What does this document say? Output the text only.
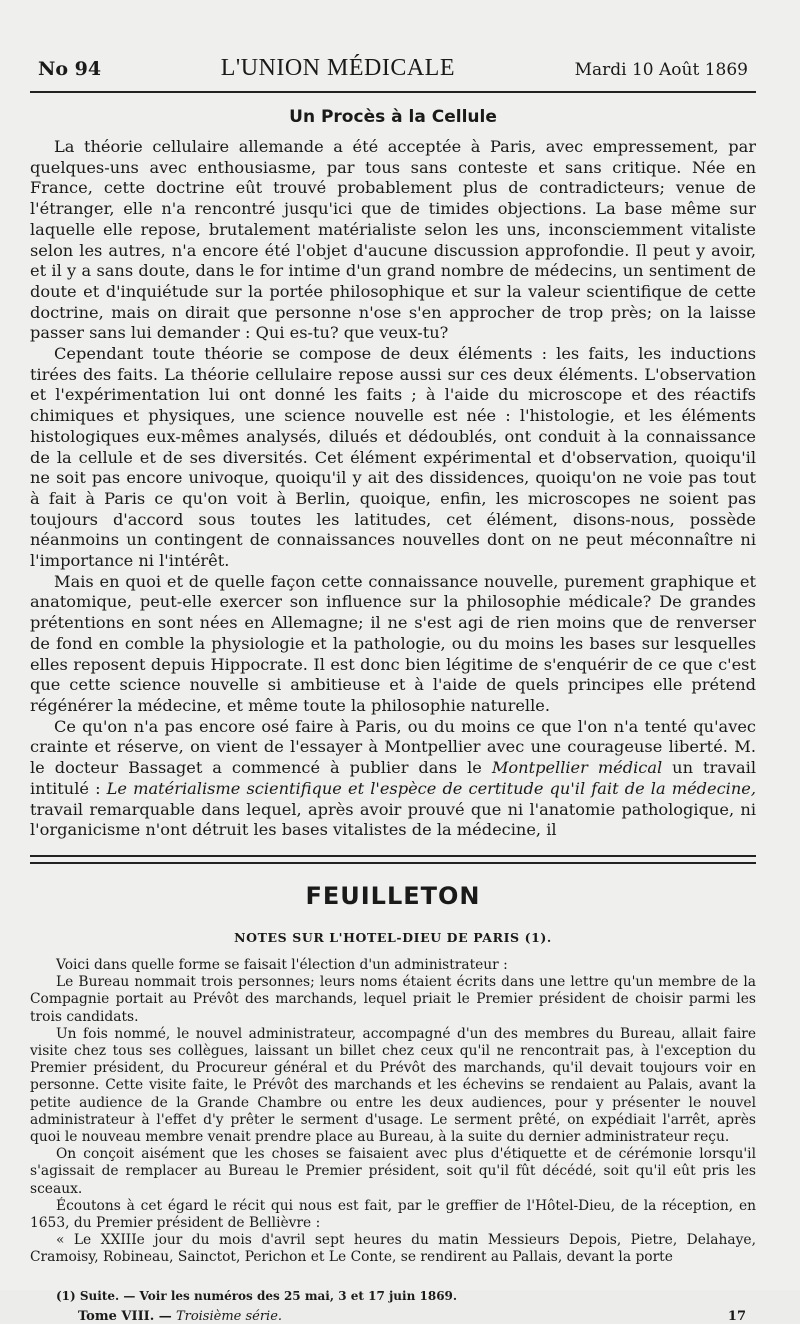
No 94	L'UNION MÉDICALE	Mardi 10 Août 1869
Un Procès à la Cellule

La théorie cellulaire allemande a été acceptée à Paris, avec empressement, par quelques-uns avec enthousiasme, par tous sans conteste et sans critique. Née en France, cette doctrine eût trouvé probablement plus de contradicteurs; venue de l'étranger, elle n'a rencontré jusqu'ici que de timides objections. La base même sur laquelle elle repose, brutalement matérialiste selon les uns, inconsciemment vitaliste selon les autres, n'a encore été l'objet d'aucune discussion approfondie. Il peut y avoir, et il y a sans doute, dans le for intime d'un grand nombre de médecins, un sentiment de doute et d'inquiétude sur la portée philosophique et sur la valeur scientifique de cette doctrine, mais on dirait que personne n'ose s'en approcher de trop près; on la laisse passer sans lui demander : Qui es-tu? que veux-tu?

Cependant toute théorie se compose de deux éléments : les faits, les inductions tirées des faits. La théorie cellulaire repose aussi sur ces deux éléments. L'observation et l'expérimentation lui ont donné les faits ; à l'aide du microscope et des réactifs chimiques et physiques, une science nouvelle est née : l'histologie, et les éléments histologiques eux-mêmes analysés, dilués et dédoublés, ont conduit à la connaissance de la cellule et de ses diversités. Cet élément expérimental et d'observation, quoiqu'il ne soit pas encore univoque, quoiqu'il y ait des dissidences, quoiqu'on ne voie pas tout à fait à Paris ce qu'on voit à Berlin, quoique, enfin, les microscopes ne soient pas toujours d'accord sous toutes les latitudes, cet élément, disons-nous, possède néanmoins un contingent de connaissances nouvelles dont on ne peut méconnaître ni l'importance ni l'intérêt.

Mais en quoi et de quelle façon cette connaissance nouvelle, purement graphique et anatomique, peut-elle exercer son influence sur la philosophie médicale? De grandes prétentions en sont nées en Allemagne; il ne s'est agi de rien moins que de renverser de fond en comble la physiologie et la pathologie, ou du moins les bases sur lesquelles elles reposent depuis Hippocrate. Il est donc bien légitime de s'enquérir de ce que c'est que cette science nouvelle si ambitieuse et à l'aide de quels principes elle prétend régénérer la médecine, et même toute la philosophie naturelle.

Ce qu'on n'a pas encore osé faire à Paris, ou du moins ce que l'on n'a tenté qu'avec crainte et réserve, on vient de l'essayer à Montpellier avec une courageuse liberté. M. le docteur Bassaget a commencé à publier dans le Montpellier médical un travail intitulé : Le matérialisme scientifique et l'espèce de certitude qu'il fait de la médecine, travail remarquable dans lequel, après avoir prouvé que ni l'anatomie pathologique, ni l'organicisme n'ont détruit les bases vitalistes de la médecine, il

FEUILLETON
NOTES SUR L'HOTEL-DIEU DE PARIS (1).

Voici dans quelle forme se faisait l'élection d'un administrateur :

Le Bureau nommait trois personnes; leurs noms étaient écrits dans une lettre qu'un membre de la Compagnie portait au Prévôt des marchands, lequel priait le Premier président de choisir parmi les trois candidats.

Un fois nommé, le nouvel administrateur, accompagné d'un des membres du Bureau, allait faire visite chez tous ses collègues, laissant un billet chez ceux qu'il ne rencontrait pas, à l'exception du Premier président, du Procureur général et du Prévôt des marchands, qu'il devait toujours voir en personne. Cette visite faite, le Prévôt des marchands et les échevins se rendaient au Palais, avant la petite audience de la Grande Chambre ou entre les deux audiences, pour y présenter le nouvel administrateur à l'effet d'y prêter le serment d'usage. Le serment prêté, on expédiait l'arrêt, après quoi le nouveau membre venait prendre place au Bureau, à la suite du dernier administrateur reçu.

On conçoit aisément que les choses se faisaient avec plus d'étiquette et de cérémonie lorsqu'il s'agissait de remplacer au Bureau le Premier président, soit qu'il fût décédé, soit qu'il eût pris les sceaux.

Écoutons à cet égard le récit qui nous est fait, par le greffier de l'Hôtel-Dieu, de la réception, en 1653, du Premier président de Bellièvre :

« Le XXIIIe jour du mois d'avril sept heures du matin Messieurs Depois, Pietre, Delahaye, Cramoisy, Robineau, Sainctot, Perichon et Le Conte, se rendirent au Pallais, devant la porte

(1) Suite. — Voir les numéros des 25 mai, 3 et 17 juin 1869.
Tome VIII. — Troisième série.	17
